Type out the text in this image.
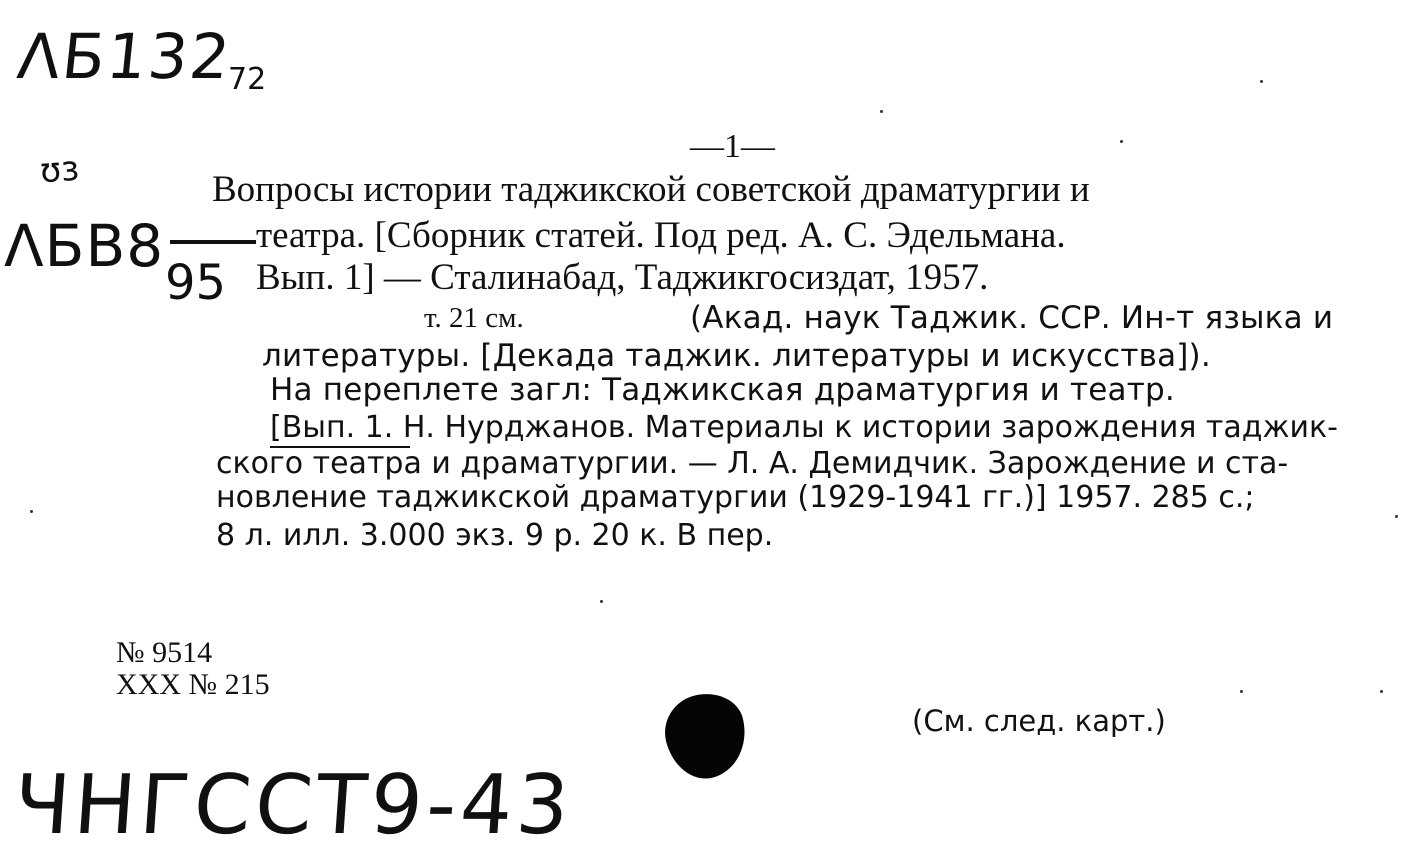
ΛБ132
72
ʊз
ΛБВ8
95
—1—
Вопросы истории таджикской советской драматургии и
театра. [Сборник статей. Под ред. А. С. Эдельмана.
Вып. 1] — Сталинабад, Таджикгосиздат, 1957.
т. 21 см.	(Акад. наук Таджик. ССР. Ин-т языка и
литературы. [Декада таджик. литературы и искусства]).
На переплете загл: Таджикская драматургия и театр.
[Вып. 1. Н. Нурджанов. Материалы к истории зарождения таджик-
ского театра и драматургии. — Л. А. Демидчик. Зарождение и ста-
новление таджикской драматургии (1929-1941 гг.)] 1957. 285 с.;
8 л. илл. 3.000 экз. 9 р. 20 к. В пер.
№ 9514
XXX № 215
(См. след. карт.)
ЧНГССТ9-43
